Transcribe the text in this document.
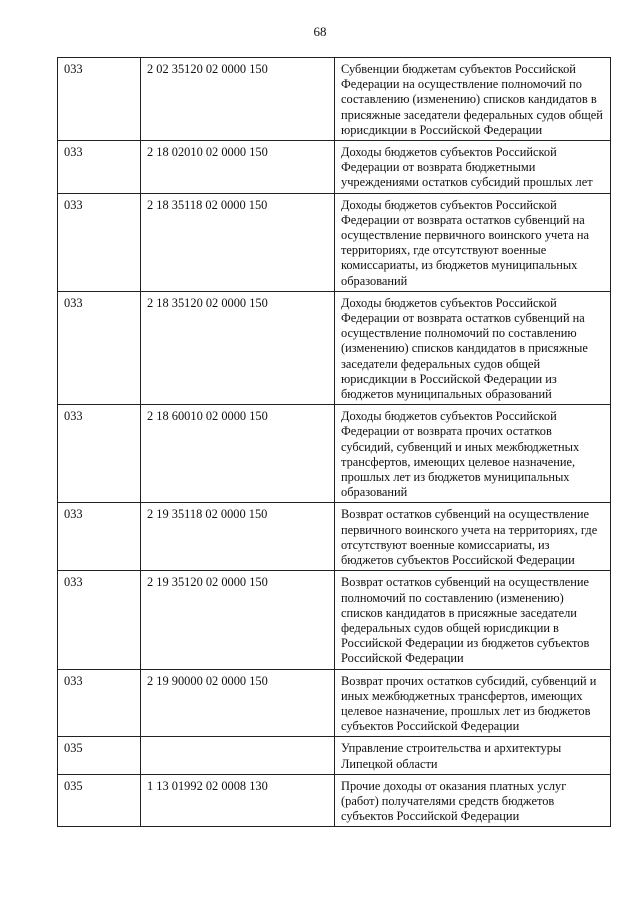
68
033	2 02 35120 02 0000 150	Субвенции бюджетам субъектов Российской Федерации на осуществление полномочий по составлению (изменению) списков кандидатов в присяжные заседатели федеральных судов общей юрисдикции в Российской Федерации
033	2 18 02010 02 0000 150	Доходы бюджетов субъектов Российской Федерации от возврата бюджетными учреждениями остатков субсидий прошлых лет
033	2 18 35118 02 0000 150	Доходы бюджетов субъектов Российской Федерации от возврата остатков субвенций на осуществление первичного воинского учета на территориях, где отсутствуют военные комиссариаты, из бюджетов муниципальных образований
033	2 18 35120 02 0000 150	Доходы бюджетов субъектов Российской Федерации от возврата остатков субвенций на осуществление полномочий по составлению (изменению) списков кандидатов в присяжные заседатели федеральных судов общей юрисдикции в Российской Федерации из бюджетов муниципальных образований
033	2 18 60010 02 0000 150	Доходы бюджетов субъектов Российской Федерации от возврата прочих остатков субсидий, субвенций и иных межбюджетных трансфертов, имеющих целевое назначение, прошлых лет из бюджетов муниципальных образований
033	2 19 35118 02 0000 150	Возврат остатков субвенций на осуществление первичного воинского учета на территориях, где отсутствуют военные комиссариаты, из бюджетов субъектов Российской Федерации
033	2 19 35120 02 0000 150	Возврат остатков субвенций на осуществление полномочий по составлению (изменению) списков кандидатов в присяжные заседатели федеральных судов общей юрисдикции в Российской Федерации из бюджетов субъектов Российской Федерации
033	2 19 90000 02 0000 150	Возврат прочих остатков субсидий, субвенций и иных межбюджетных трансфертов, имеющих целевое назначение, прошлых лет из бюджетов субъектов Российской Федерации
035		Управление строительства и архитектуры Липецкой области
035	1 13 01992 02 0008 130	Прочие доходы от оказания платных услуг (работ) получателями средств бюджетов субъектов Российской Федерации
